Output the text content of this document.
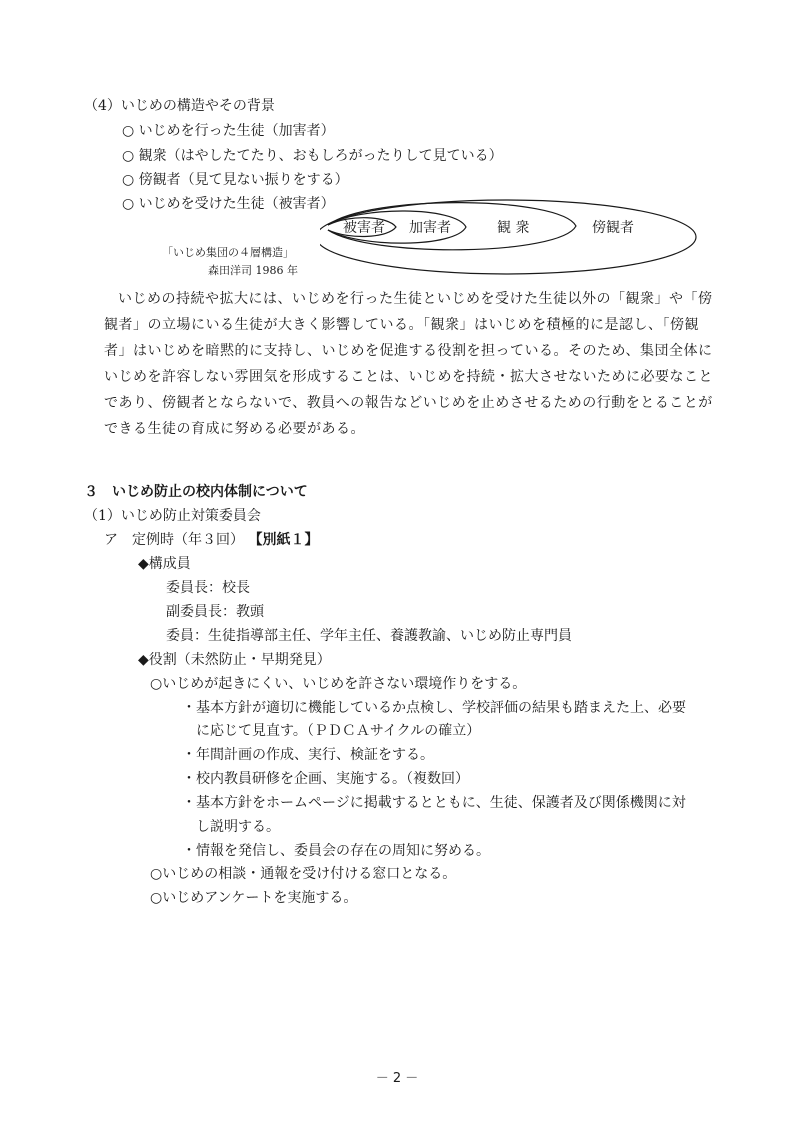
（4）いじめの構造やその背景
○ いじめを行った生徒（加害者）
○ 観衆（はやしたてたり、おもしろがったりして見ている）
○ 傍観者（見て見ない振りをする）
○ いじめを受けた生徒（被害者）
被害者 加害者	観 衆	傍観者
「いじめ集団の４層構造」
森田洋司 1986 年
いじめの持続や拡大には、いじめを行った生徒といじめを受けた生徒以外の「観衆」や「傍観者」の立場にいる生徒が大きく影響している。「観衆」はいじめを積極的に是認し、「傍観者」はいじめを暗黙的に支持し、いじめを促進する役割を担っている。そのため、集団全体にいじめを許容しない雰囲気を形成することは、いじめを持続・拡大させないために必要なことであり、傍観者とならないで、教員への報告などいじめを止めさせるための行動をとることができる生徒の育成に努める必要がある。
３　いじめ防止の校内体制について
（1）いじめ防止対策委員会
ア　定例時（年３回） 【別紙１】
◆構成員
委員長：校長
副委員長：教頭
委員：生徒指導部主任、学年主任、養護教諭、いじめ防止専門員
◆役割（未然防止・早期発見）
○いじめが起きにくい、いじめを許さない環境作りをする。
・基本方針が適切に機能しているか点検し、学校評価の結果も踏まえた上、必要
に応じて見直す。（ＰＤＣＡサイクルの確立）
・年間計画の作成、実行、検証をする。
・校内教員研修を企画、実施する。（複数回）
・基本方針をホームページに掲載するとともに、生徒、保護者及び関係機関に対
し説明する。
・情報を発信し、委員会の存在の周知に努める。
○いじめの相談・通報を受け付ける窓口となる。
○いじめアンケートを実施する。
－ 2 －
